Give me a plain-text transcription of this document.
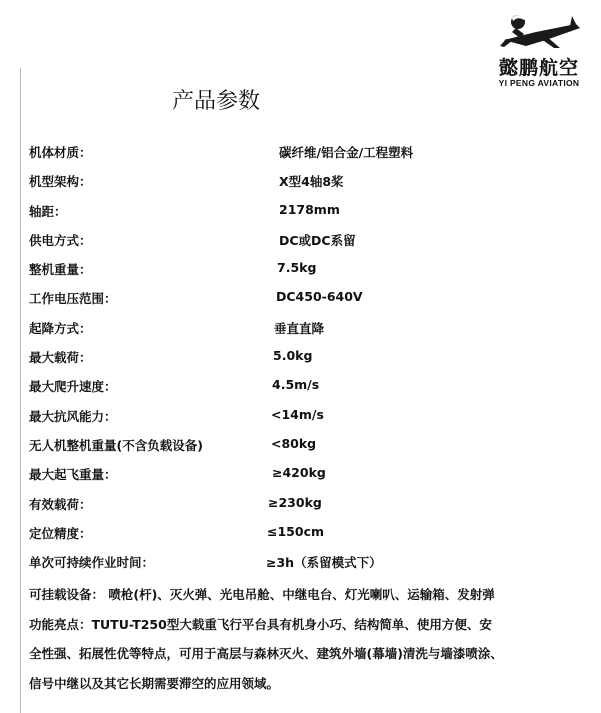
懿鹏航空
YI PENG AVIATION
产品参数
机体材质：	碳纤维/铝合金/工程塑料
机型架构：	X型4轴8桨
轴距：	2178mm
供电方式：	DC或DC系留
整机重量：	7.5kg
工作电压范围：	DC450-640V
起降方式：	垂直直降
最大载荷：	5.0kg
最大爬升速度：	4.5m/s
最大抗风能力：	<14m/s
无人机整机重量(不含负载设备)	<80kg
最大起飞重量：	≥420kg
有效载荷：	≥230kg
定位精度：	≤150cm
单次可持续作业时间：	≥3h（系留模式下）

可挂载设备： 喷枪(杆)、灭火弹、光电吊舱、中继电台、灯光喇叭、运输箱、发射弹

功能亮点：TUTU-T250型大载重飞行平台具有机身小巧、结构简单、使用方便、安

全性强、拓展性优等特点，可用于高层与森林灭火、建筑外墙(幕墙)清洗与墙漆喷涂、

信号中继以及其它长期需要滞空的应用领域。
